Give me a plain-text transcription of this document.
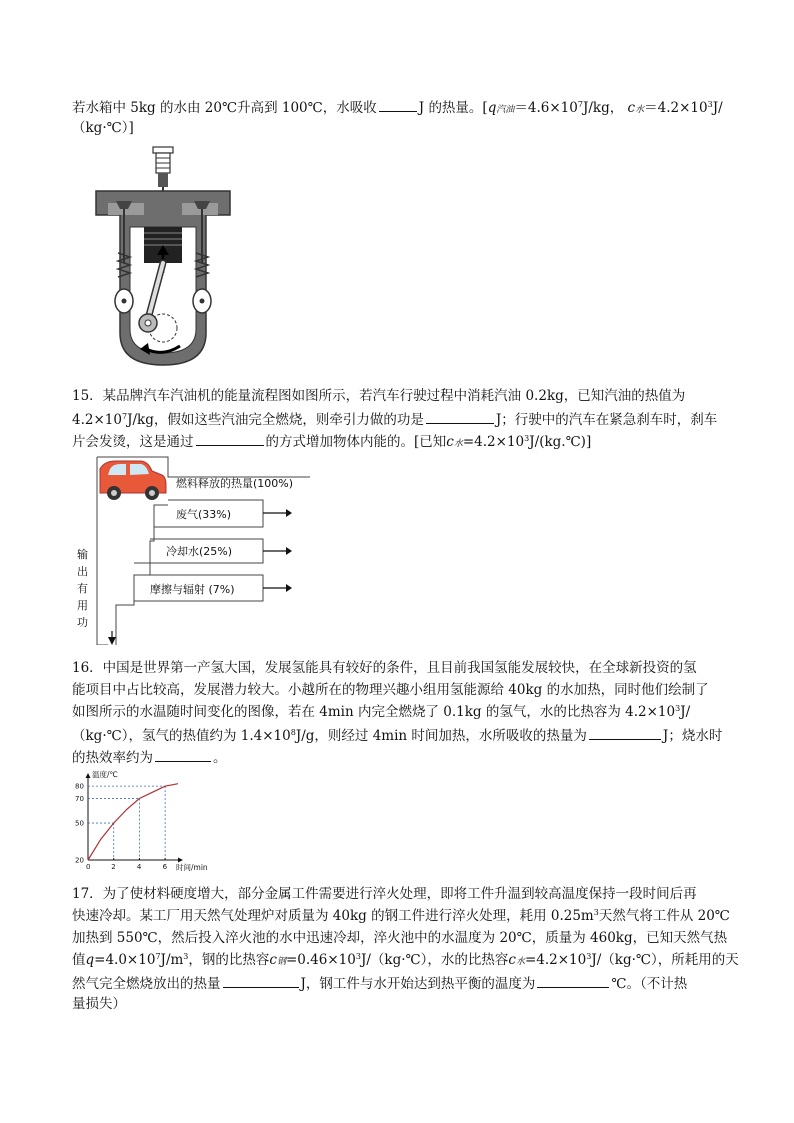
若水箱中 5kg 的水由 20℃升高到 100℃，水吸收	J 的热量。[q汽油$=4.6\times 10^7J/kg$， c水$=4.2\times 10^3J/$
（kg·℃）]
15．某品牌汽车汽油机的能量流程图如图所示，若汽车行驶过程中消耗汽油 0.2kg，已知汽油的热值为
$4.2\times 10^7J/kg$，假如这些汽油完全燃烧，则牵引力做的功是	J；行驶中的汽车在紧急刹车时，刹车
片会发烫，这是通过	的方式增加物体内能的。[已知c水$=4.2\times 10^3J/(kg.℃)$]
燃料释放的热量(100%)
废气(33%)
冷却水(25%)
摩擦与辐射 (7%)
输
出
有
用
功
16．中国是世界第一产氢大国，发展氢能具有较好的条件，且目前我国氢能发展较快，在全球新投资的氢
能项目中占比较高，发展潜力较大。小越所在的物理兴趣小组用氢能源给 40kg 的水加热，同时他们绘制了
如图所示的水温随时间变化的图像，若在 4min 内完全燃烧了 0.1kg 的氢气，水的比热容为 $4.2\times 10^3J/$
（kg·℃），氢气的热值约为 $1.4\times 10^8J/g$，则经过 4min 时间加热，水所吸收的热量为	J；烧水时
的热效率约为	。
0	2	4	6
20
50
70
80
温度/℃
时间/min
17．为了使材料硬度增大，部分金属工件需要进行淬火处理，即将工件升温到较高温度保持一段时间后再
快速冷却。某工厂用天然气处理炉对质量为 40kg 的钢工件进行淬火处理，耗用 $0.25m^3$天然气将工件从 20℃
加热到 550℃，然后投入淬火池的水中迅速冷却，淬火池中的水温度为 20℃，质量为 460kg，已知天然气热
值$q=4.0\times 10^7J/m^3$，钢的比热容c钢$=0.46\times 10^3J/(kg\cdot℃)$，水的比热容c水$=4.2\times 10^3J/(kg\cdot℃)$，所耗用的天
然气完全燃烧放出的热量	J，钢工件与水开始达到热平衡的温度为	℃。（不计热
量损失）
